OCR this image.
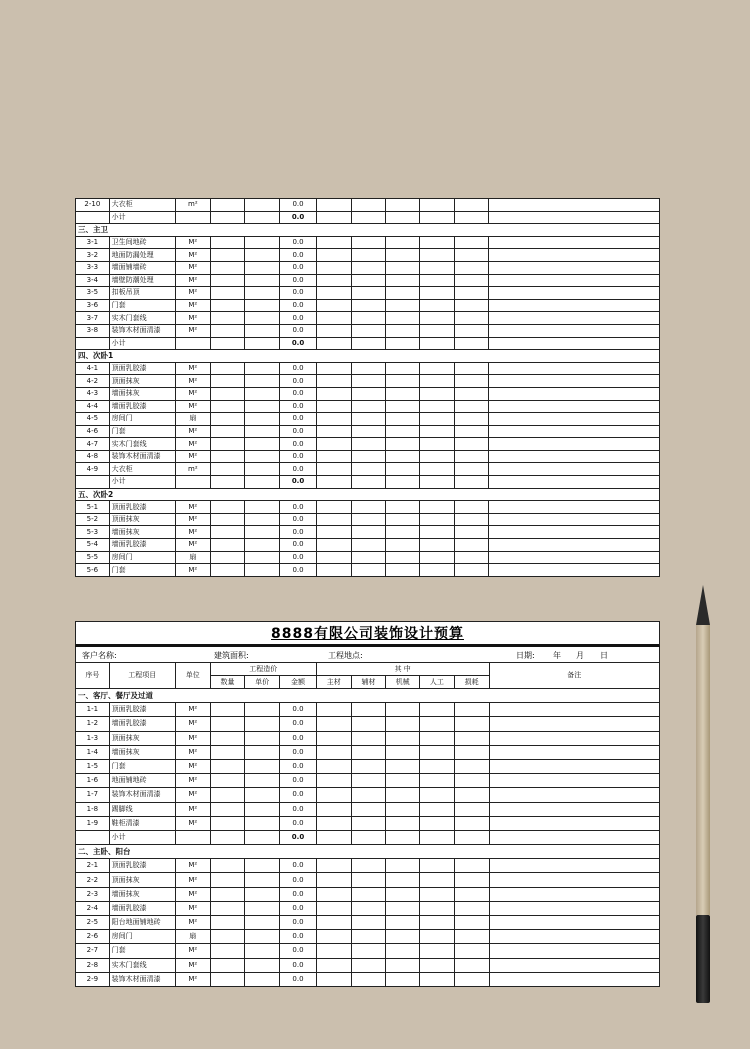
2-10	大衣柜	m²			0.0						
	小计				0.0						
三、主卫											
3-1	卫生间地砖	M²			0.0						
3-2	地面防漏处理	M²			0.0						
3-3	墙面铺墙砖	M²			0.0						
3-4	墙壁防潮处理	M²			0.0						
3-5	扣板吊顶	M²			0.0						
3-6	门套	M²			0.0						
3-7	实木门套线	M²			0.0						
3-8	装饰木材面清漆	M²			0.0						
	小计				0.0						
四、次卧1											
4-1	顶面乳胶漆	M²			0.0						
4-2	顶面抹灰	M²			0.0						
4-3	墙面抹灰	M²			0.0						
4-4	墙面乳胶漆	M²			0.0						
4-5	房间门	扇			0.0						
4-6	门套	M²			0.0						
4-7	实木门套线	M²			0.0						
4-8	装饰木材面清漆	M²			0.0						
4-9	大衣柜	m²			0.0						
	小计				0.0						
五、次卧2											
5-1	顶面乳胶漆	M²			0.0						
5-2	顶面抹灰	M²			0.0						
5-3	墙面抹灰	M²			0.0						
5-4	墙面乳胶漆	M²			0.0						
5-5	房间门	扇			0.0						
5-6	门套	M²			0.0						
8888有限公司装饰设计预算
客户名称:	建筑面积:	工程地点:	日期: 年 月 日
序号	工程项目	单位	工程造价			其 中					备注
			数量	单价	金额	主材	辅材	机械	人工	损耗	
一、客厅、餐厅及过道											
1-1	顶面乳胶漆	M²			0.0						
1-2	墙面乳胶漆	M²			0.0						
1-3	顶面抹灰	M²			0.0						
1-4	墙面抹灰	M²			0.0						
1-5	门套	M²			0.0						
1-6	地面铺地砖	M²			0.0						
1-7	装饰木材面清漆	M²			0.0						
1-8	踢脚线	M²			0.0						
1-9	鞋柜清漆	M²			0.0						
	小计				0.0						
二、主卧、阳台											
2-1	顶面乳胶漆	M²			0.0						
2-2	顶面抹灰	M²			0.0						
2-3	墙面抹灰	M²			0.0						
2-4	墙面乳胶漆	M²			0.0						
2-5	阳台地面铺地砖	M²			0.0						
2-6	房间门	扇			0.0						
2-7	门套	M²			0.0						
2-8	实木门套线	M²			0.0						
2-9	装饰木材面清漆	M²			0.0						
